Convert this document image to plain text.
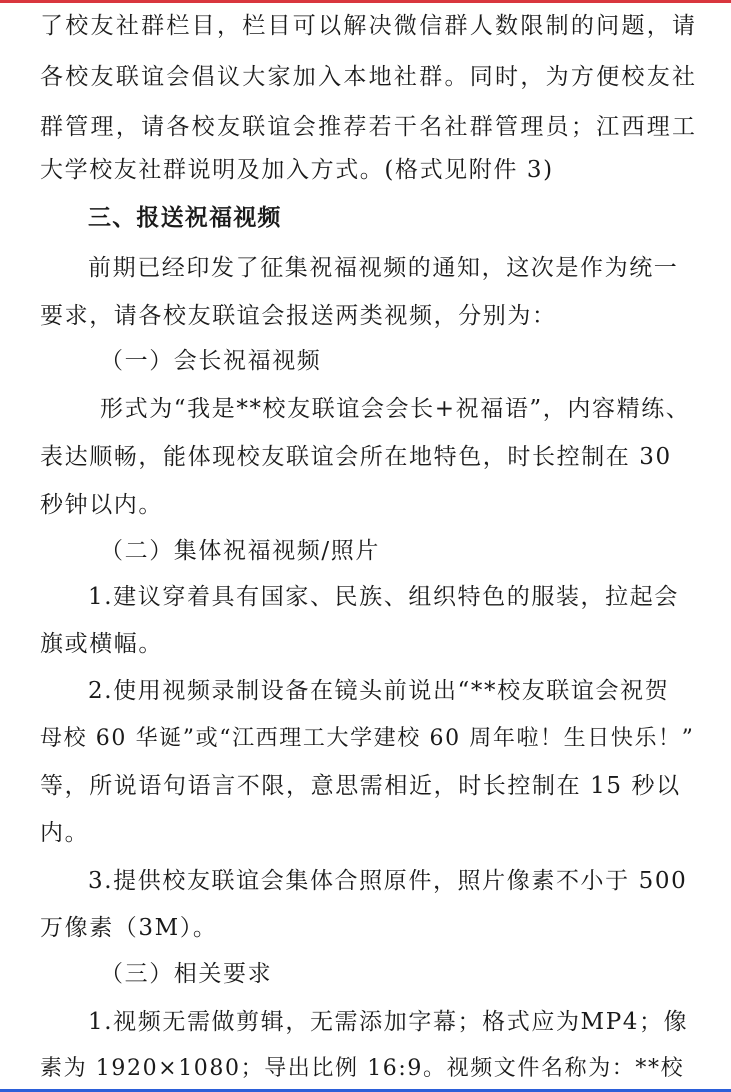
了校友社群栏目，栏目可以解决微信群人数限制的问题，请
各校友联谊会倡议大家加入本地社群。同时，为方便校友社
群管理，请各校友联谊会推荐若干名社群管理员；江西理工
大学校友社群说明及加入方式。(格式见附件 3)
三、报送祝福视频
前期已经印发了征集祝福视频的通知，这次是作为统一
要求，请各校友联谊会报送两类视频，分别为：
（一）会长祝福视频
形式为“我是**校友联谊会会长+祝福语”，内容精练、
表达顺畅，能体现校友联谊会所在地特色，时长控制在 30
秒钟以内。
（二）集体祝福视频/照片
1.建议穿着具有国家、民族、组织特色的服装，拉起会
旗或横幅。
2.使用视频录制设备在镜头前说出“**校友联谊会祝贺
母校 60 华诞”或“江西理工大学建校 60 周年啦！生日快乐！”
等，所说语句语言不限，意思需相近，时长控制在 15 秒以
内。
3.提供校友联谊会集体合照原件，照片像素不小于 500
万像素（3M）。
（三）相关要求
1.视频无需做剪辑，无需添加字幕；格式应为MP4；像
素为 1920×1080；导出比例 16:9。视频文件名称为：**校
